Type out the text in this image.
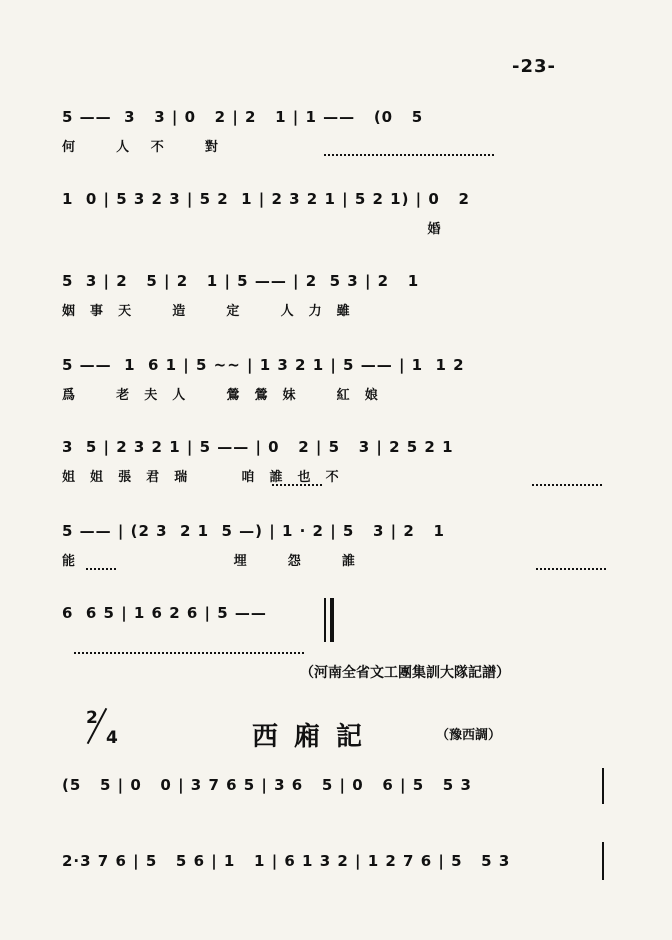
-23-
5 ——  3   3 | 0   2 | 2   1 | 1 ——   (0   5
何      人   不      對
1  0 | 5 3 2 3 | 5 2  1 | 2 3 2 1 | 5 2 1) | 0   2
婚
5  3 | 2   5 | 2   1 | 5 —— | 2  5 3 | 2   1
姻  事  天      造      定      人  力  雖
5 ——  1  6 1 | 5 ~~ | 1 3 2 1 | 5 —— | 1  1 2
爲      老  夫  人      鶯  鶯  妹      紅  娘
3  5 | 2 3 2 1 | 5 —— | 0   2 | 5   3 | 2 5 2 1
姐  姐  張  君  瑞        咱  誰  也  不
5 —— | (2 3  2 1  5 —) | 1 · 2 | 5   3 | 2   1
能                        埋      怨      誰
6  6 5 | 1 6 2 6 | 5 ——
（河南全省文工團集訓大隊記譜）
2
4	西廂記	（豫西調）
(5   5 | 0   0 | 3 7 6 5 | 3 6   5 | 0   6 | 5   5 3
2·3 7 6 | 5   5 6 | 1   1 | 6 1 3 2 | 1 2 7 6 | 5   5 3
